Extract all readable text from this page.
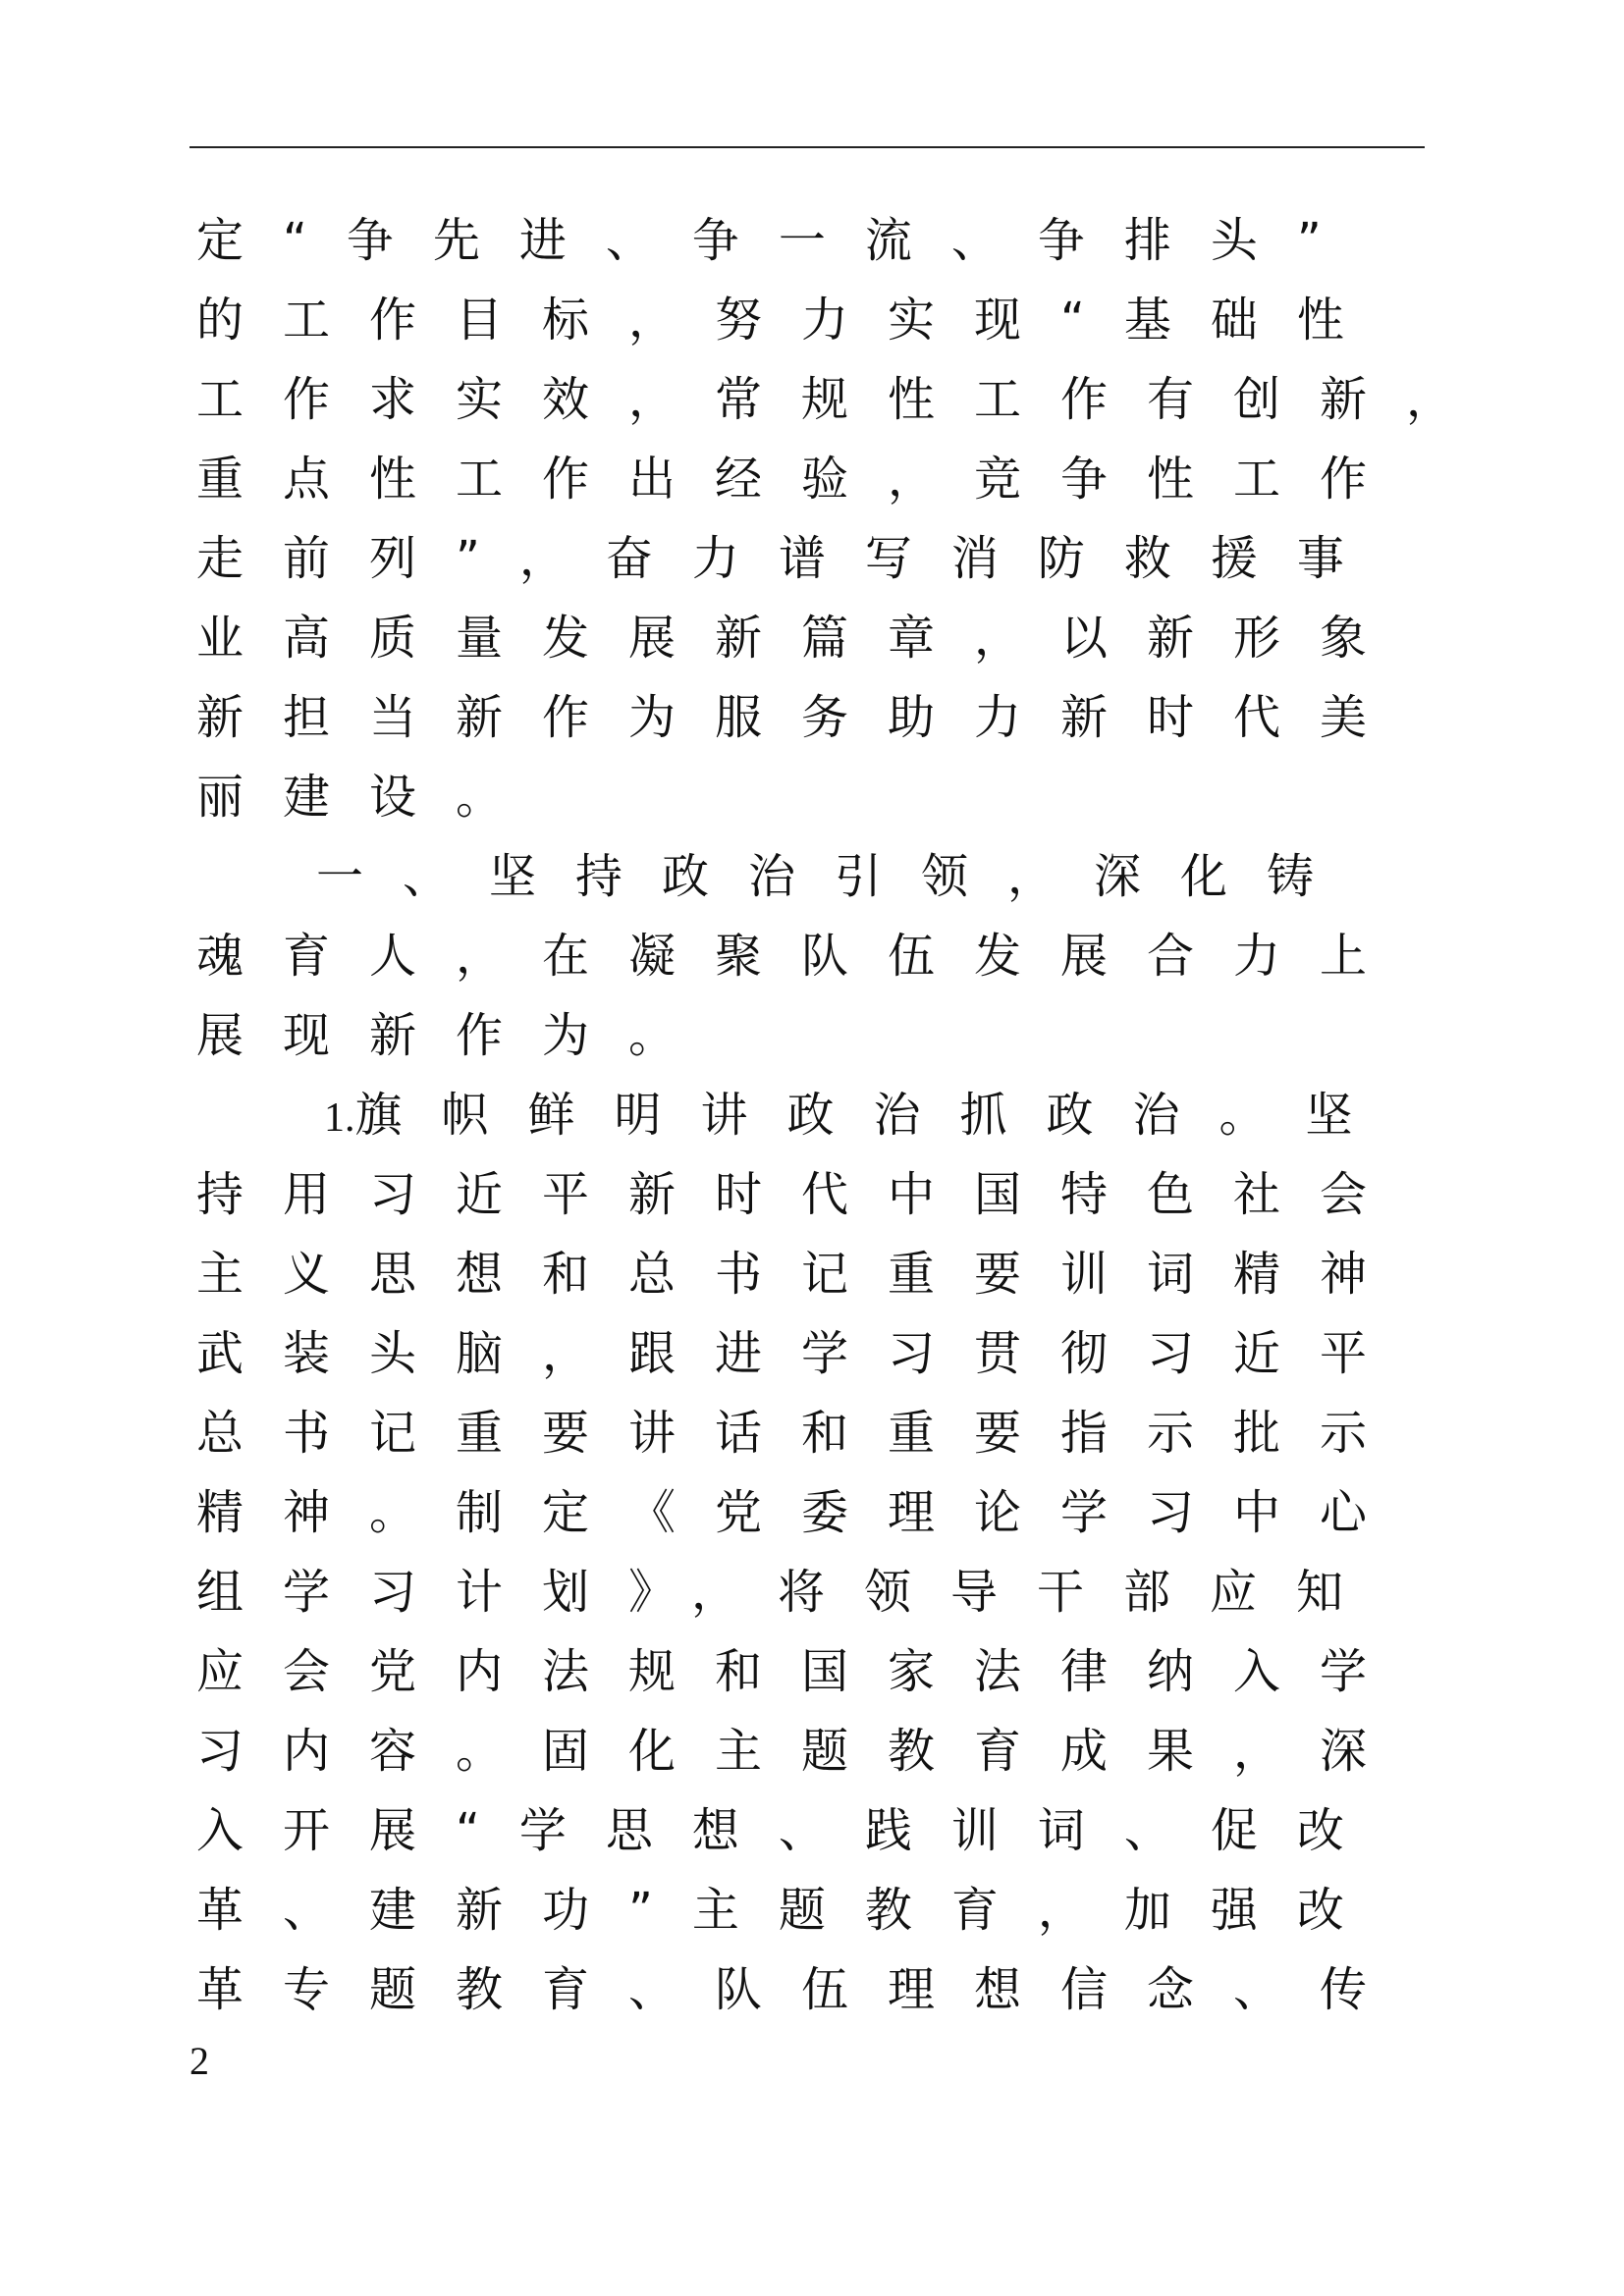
定“争先进、争一流、争排头”
的工作目标，努力实现“基础性
工作求实效，常规性工作有创新，
重点性工作出经验，竞争性工作
走前列”，奋力谱写消防救援事
业高质量发展新篇章，以新形象
新担当新作为服务助力新时代美
丽建设。
一、坚持政治引领，深化铸
魂育人，在凝聚队伍发展合力上
展现新作为。
1.旗帜鲜明讲政治抓政治。坚
持用习近平新时代中国特色社会
主义思想和总书记重要训词精神
武装头脑，跟进学习贯彻习近平
总书记重要讲话和重要指示批示
精神。制定《党委理论学习中心
组学习计划》，将领导干部应知
应会党内法规和国家法律纳入学
习内容。固化主题教育成果，深
入开展“学思想、践训词、促改
革、建新功”主题教育，加强改
革专题教育、队伍理想信念、传
2
